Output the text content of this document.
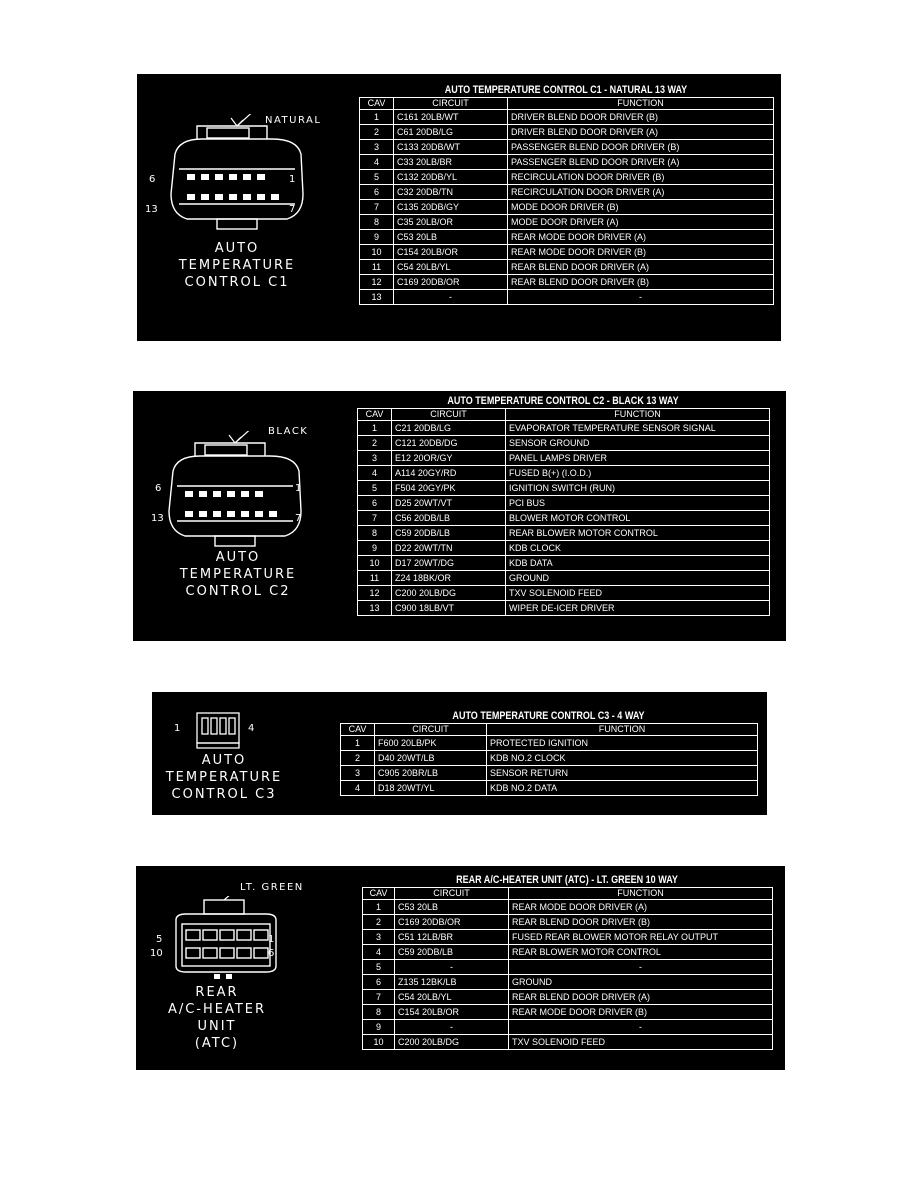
NATURAL
6	1
13	7
AUTO
TEMPERATURE
CONTROL C1
AUTO TEMPERATURE CONTROL C1 - NATURAL 13 WAY
CAV	CIRCUIT	FUNCTION
1	C161 20LB/WT	DRIVER BLEND DOOR DRIVER (B)
2	C61 20DB/LG	DRIVER BLEND DOOR DRIVER (A)
3	C133 20DB/WT	PASSENGER BLEND DOOR DRIVER (B)
4	C33 20LB/BR	PASSENGER BLEND DOOR DRIVER (A)
5	C132 20DB/YL	RECIRCULATION DOOR DRIVER (B)
6	C32 20DB/TN	RECIRCULATION DOOR DRIVER (A)
7	C135 20DB/GY	MODE DOOR DRIVER (B)
8	C35 20LB/OR	MODE DOOR DRIVER (A)
9	C53 20LB	REAR MODE DOOR DRIVER (A)
10	C154 20LB/OR	REAR MODE DOOR DRIVER (B)
11	C54 20LB/YL	REAR BLEND DOOR DRIVER (A)
12	C169 20DB/OR	REAR BLEND DOOR DRIVER (B)
13	-	-
BLACK
6	1
13	7
AUTO
TEMPERATURE
CONTROL C2
AUTO TEMPERATURE CONTROL C2 - BLACK 13 WAY
CAV	CIRCUIT	FUNCTION
1	C21 20DB/LG	EVAPORATOR TEMPERATURE SENSOR SIGNAL
2	C121 20DB/DG	SENSOR GROUND
3	E12 20OR/GY	PANEL LAMPS DRIVER
4	A114 20GY/RD	FUSED B(+) (I.O.D.)
5	F504 20GY/PK	IGNITION SWITCH (RUN)
6	D25 20WT/VT	PCI BUS
7	C56 20DB/LB	BLOWER MOTOR CONTROL
8	C59 20DB/LB	REAR BLOWER MOTOR CONTROL
9	D22 20WT/TN	KDB CLOCK
10	D17 20WT/DG	KDB DATA
11	Z24 18BK/OR	GROUND
12	C200 20LB/DG	TXV SOLENOID FEED
13	C900 18LB/VT	WIPER DE-ICER DRIVER
1	4
AUTO
TEMPERATURE
CONTROL C3
AUTO TEMPERATURE CONTROL C3 - 4 WAY
CAV	CIRCUIT	FUNCTION
1	F600 20LB/PK	PROTECTED IGNITION
2	D40 20WT/LB	KDB NO.2 CLOCK
3	C905 20BR/LB	SENSOR RETURN
4	D18 20WT/YL	KDB NO.2 DATA
LT. GREEN
5	1
10	6
REAR
A/C-HEATER
UNIT
(ATC)
REAR A/C-HEATER UNIT (ATC) - LT. GREEN 10 WAY
CAV	CIRCUIT	FUNCTION
1	C53 20LB	REAR MODE DOOR DRIVER (A)
2	C169 20DB/OR	REAR BLEND DOOR DRIVER (B)
3	C51 12LB/BR	FUSED REAR BLOWER MOTOR RELAY OUTPUT
4	C59 20DB/LB	REAR BLOWER MOTOR CONTROL
5	-	-
6	Z135 12BK/LB	GROUND
7	C54 20LB/YL	REAR BLEND DOOR DRIVER (A)
8	C154 20LB/OR	REAR MODE DOOR DRIVER (B)
9	-	-
10	C200 20LB/DG	TXV SOLENOID FEED
